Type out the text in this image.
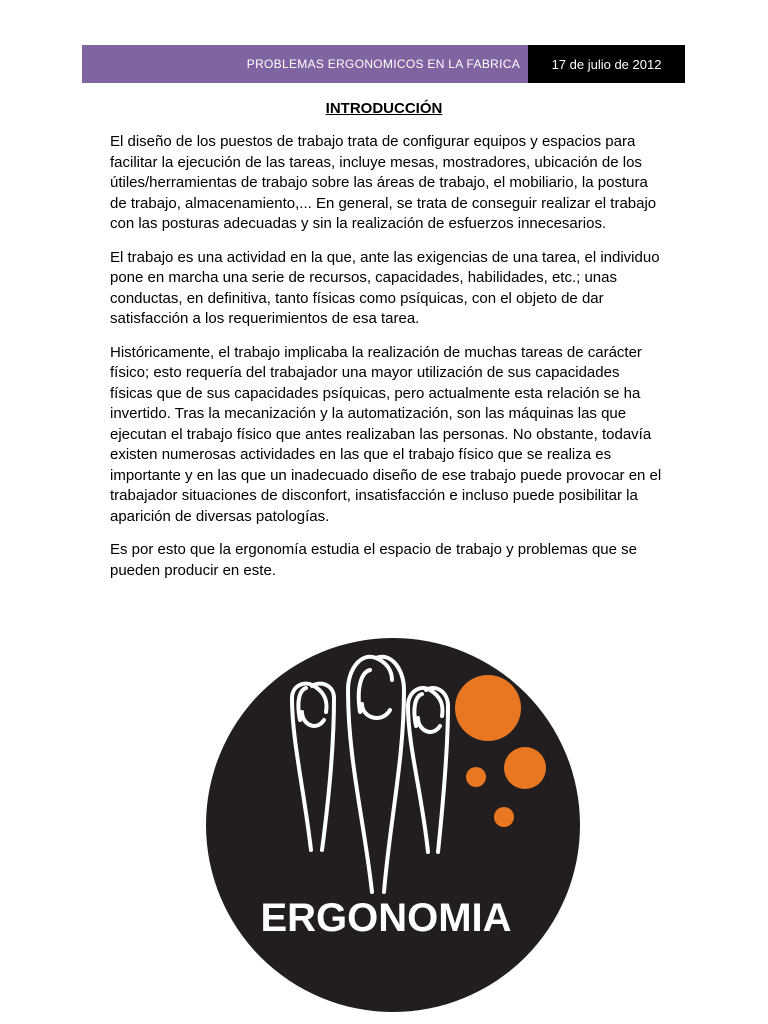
PROBLEMAS ERGONOMICOS EN LA FABRICA	17 de julio de 2012
INTRODUCCIÓN

El diseño de los puestos de trabajo trata de configurar equipos y espacios para facilitar la ejecución de las tareas, incluye mesas, mostradores, ubicación de los útiles/herramientas de trabajo sobre las áreas de trabajo, el mobiliario, la postura de trabajo, almacenamiento,... En general, se trata de conseguir realizar el trabajo con las posturas adecuadas y sin la realización de esfuerzos innecesarios.

El trabajo es una actividad en la que, ante las exigencias de una tarea, el individuo pone en marcha una serie de recursos, capacidades, habilidades, etc.; unas conductas, en definitiva, tanto físicas como psíquicas, con el objeto de dar satisfacción a los requerimientos de esa tarea.

Históricamente, el trabajo implicaba la realización de muchas tareas de carácter físico; esto requería del trabajador una mayor utilización de sus capacidades físicas que de sus capacidades psíquicas, pero actualmente esta relación se ha invertido. Tras la mecanización y la automatización, son las máquinas las que ejecutan el trabajo físico que antes realizaban las personas. No obstante, todavía existen numerosas actividades en las que el trabajo físico que se realiza es importante y en las que un inadecuado diseño de ese trabajo puede provocar en el trabajador situaciones de disconfort, insatisfacción e incluso puede posibilitar la aparición de diversas patologías.

Es por esto que la ergonomía estudia el espacio de trabajo y problemas que se pueden producir en este.

ERGONOMIA
